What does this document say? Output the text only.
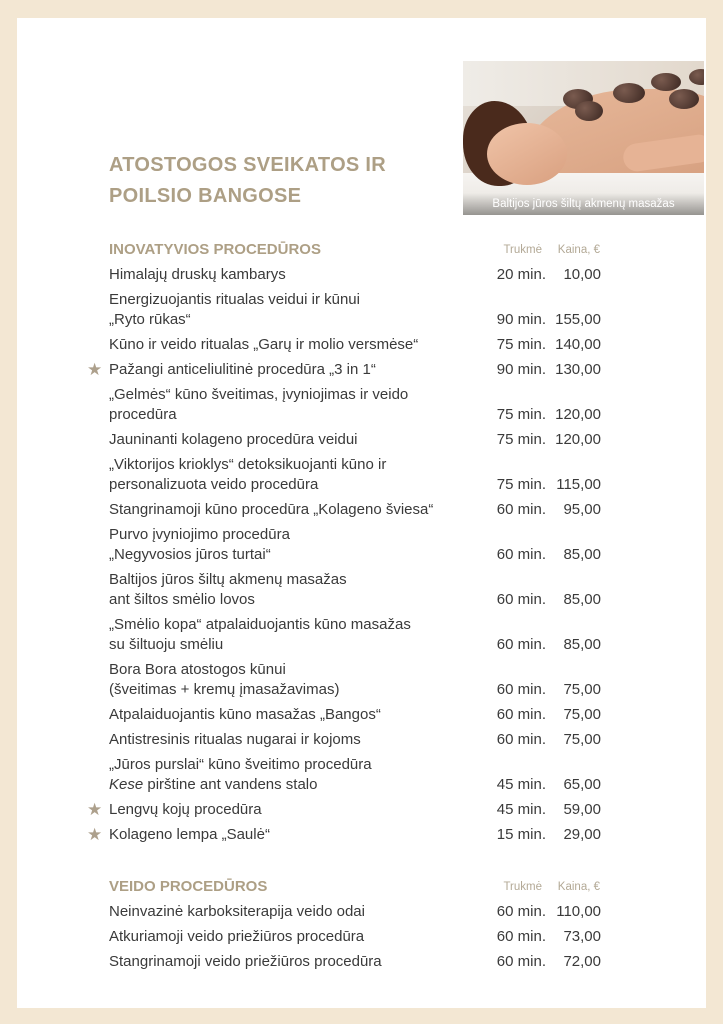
ATOSTOGOS SVEIKATOS IR
POILSIO BANGOSE	Baltijos jūros šiltų akmenų masažas
INOVATYVIOS PROCEDŪROS	Trukmė Kaina, €
Himalajų druskų kambarys	20 min. 10,00
Energizuojantis ritualas veidui ir kūnui
„Ryto rūkas“	90 min. 155,00
Kūno ir veido ritualas „Garų ir molio versmėse“	75 min. 140,00
★ Pažangi anticeliulitinė procedūra „3 in 1“	90 min. 130,00
„Gelmės“ kūno šveitimas, įvyniojimas ir veido
procedūra	75 min. 120,00
Jauninanti kolageno procedūra veidui	75 min. 120,00
„Viktorijos krioklys“ detoksikuojanti kūno ir
personalizuota veido procedūra	75 min. 115,00
Stangrinamoji kūno procedūra „Kolageno šviesa“	60 min. 95,00
Purvo įvyniojimo procedūra
„Negyvosios jūros turtai“	60 min. 85,00
Baltijos jūros šiltų akmenų masažas
ant šiltos smėlio lovos	60 min. 85,00
„Smėlio kopa“ atpalaiduojantis kūno masažas
su šiltuoju smėliu	60 min. 85,00
Bora Bora atostogos kūnui
(šveitimas + kremų įmasažavimas)	60 min. 75,00
Atpalaiduojantis kūno masažas „Bangos“	60 min. 75,00
Antistresinis ritualas nugarai ir kojoms	60 min. 75,00
„Jūros purslai“ kūno šveitimo procedūra
Kese pirštine ant vandens stalo	45 min. 65,00
★ Lengvų kojų procedūra	45 min. 59,00
★ Kolageno lempa „Saulė“	15 min. 29,00
VEIDO PROCEDŪROS	Trukmė Kaina, €
Neinvazinė karboksiterapija veido odai	60 min. 110,00
Atkuriamoji veido priežiūros procedūra	60 min. 73,00
Stangrinamoji veido priežiūros procedūra	60 min. 72,00
